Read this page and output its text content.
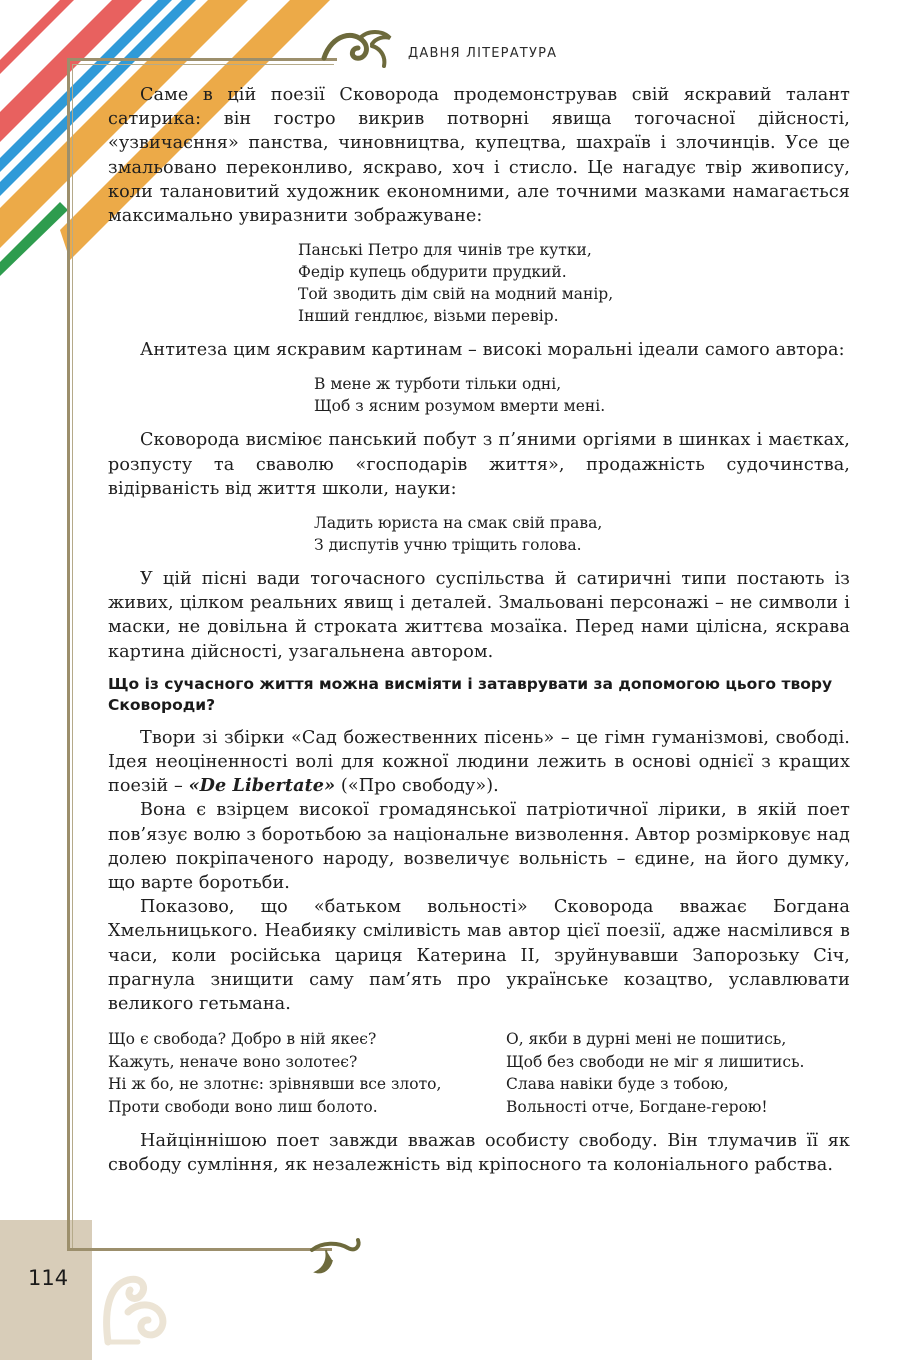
ДАВНЯ ЛІТЕРАТУРА
114

Саме в цій поезії Сковорода продемонстрував свій яскравий талант сатирика: він гостро викрив потворні явища тогочасної дійсності, «узвичаєння» панства, чиновництва, купецтва, шахраїв і злочинців. Усе це змальовано переконливо, яскраво, хоч і стисло. Це нагадує твір живопису, коли талановитий художник економними, але точними мазками намагається максимально увиразнити зображуване:

Панські Петро для чинів тре кутки,
Федір купець обдурити прудкий.
Той зводить дім свій на модний манір,
Інший гендлює, візьми перевір.

Антитеза цим яскравим картинам – високі моральні ідеали самого автора:

В мене ж турботи тільки одні,
Щоб з ясним розумом вмерти мені.

Сковорода висміює панський побут з п’яними оргіями в шинках і маєтках, розпусту та сваволю «господарів життя», продажність судочинства, відірваність від життя школи, науки:

Ладить юриста на смак свій права,
З диспутів учню тріщить голова.

У цій пісні вади тогочасного суспільства й сатиричні типи постають із живих, цілком реальних явищ і деталей. Змальовані персонажі – не символи і маски, не довільна й строката життєва мозаїка. Перед нами цілісна, яскрава картина дійсності, узагальнена автором.

Що із сучасного життя можна висміяти і затаврувати за допомогою цього твору Сковороди?

Твори зі збірки «Сад божественних пісень» – це гімн гуманізмові, свободі. Ідея неоціненності волі для кожної людини лежить в основі однієї з кращих поезій – «De Libertate» («Про свободу»).

Вона є взірцем високої громадянської патріотичної лірики, в якій поет пов’язує волю з боротьбою за національне визволення. Автор розмірковує над долею покріпаченого народу, возвеличує вольність – єдине, на його думку, що варте боротьби.

Показово, що «батьком вольності» Сковорода вважає Богдана Хмельницького. Неабияку сміливість мав автор цієї поезії, адже насмілився в часи, коли російська цариця Катерина II, зруйнувавши Запорозьку Січ, прагнула знищити саму пам’ять про українське козацтво, уславлювати великого гетьмана.

Що є свобода? Добро в ній якеє?
Кажуть, неначе воно золотеє?
Ні ж бо, не злотнє: зрівнявши все злото,
Проти свободи воно лиш болото.
О, якби в дурні мені не пошитись,
Щоб без свободи не міг я лишитись.
Слава навіки буде з тобою,
Вольності отче, Богдане-герою!

Найціннішою поет завжди вважав особисту свободу. Він тлумачив її як свободу сумління, як незалежність від кріпосного та колоніального рабства.
